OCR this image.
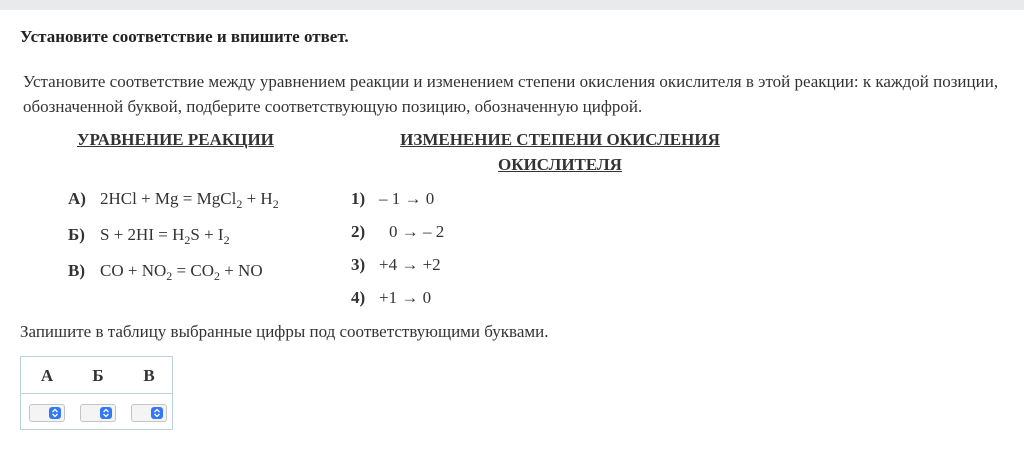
Установите соответствие и впишите ответ.
Установите соответствие между уравнением реакции и изменением степени окисления окислителя в этой реакции: к каждой позиции, обозначенной буквой, подберите соответствующую позицию, обозначенную цифрой.
УРАВНЕНИЕ РЕАКЦИИ	ИЗМЕНЕНИЕ СТЕПЕНИ ОКИСЛЕНИЯ
ОКИСЛИТЕЛЯ
А) 2HCl + Mg = MgCl$_2$ + $H_2$
Б) $S + 2HI = H_2S + I_2$
В) CO + $NO_2 = CO_2$ + NO
1) – 1 → 0
2) 0 → – 2
3) +4 → +2
4) +1 → 0
Запишите в таблицу выбранные цифры под соответствующими буквами.
А	Б	В
